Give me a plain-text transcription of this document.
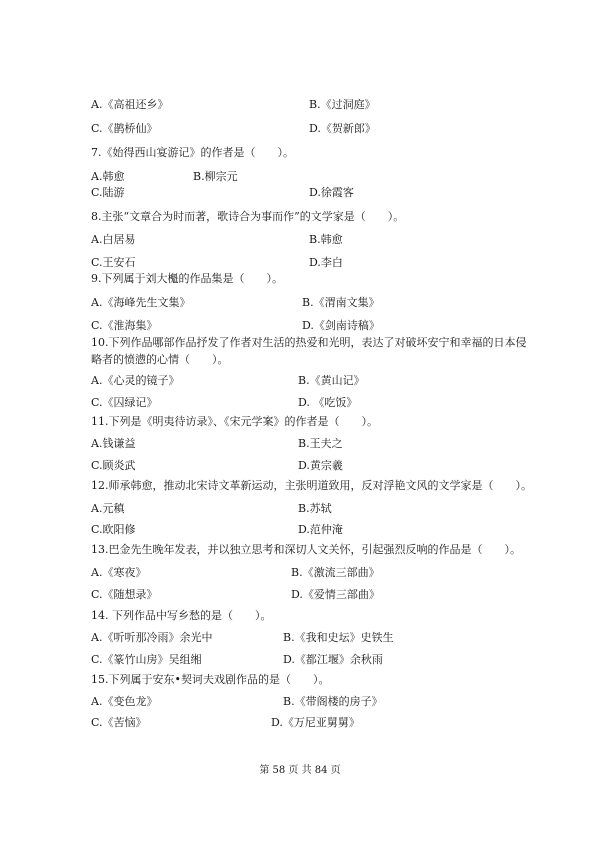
A.《高祖还乡》	B.《过洞庭》
C.《鹊桥仙》	D.《贺新郎》
7.《始得西山宴游记》的作者是（　　）。
A.韩愈	B.柳宗元
C.陆游	D.徐霞客
8.主张“文章合为时而著，歌诗合为事而作”的文学家是（　　）。
A.白居易	B.韩愈
C.王安石	D.李白
9.下列属于刘大櫆的作品集是（　　）。
A.《海峰先生文集》	B.《渭南文集》
C.《淮海集》	D.《剑南诗稿》
10.下列作品哪部作品抒发了作者对生活的热爱和光明，表达了对破坏安宁和幸福的日本侵
略者的愤懑的心情（　　）。
A.《心灵的镜子》	B.《黄山记》
C.《囚绿记》	D. 《吃饭》
11.下列是《明夷待访录》、《宋元学案》的作者是（　　）。
A.钱谦益	B.王夫之
C.顾炎武	D.黄宗羲
12.师承韩愈，推动北宋诗文革新运动，主张明道致用，反对浮艳文风的文学家是（　　）。
A.元稹	B.苏轼
C.欧阳修	D.范仲淹
13.巴金先生晚年发表，并以独立思考和深切人文关怀，引起强烈反响的作品是（　　）。
A.《寒夜》	B.《激流三部曲》
C.《随想录》	D.《爱情三部曲》
14. 下列作品中写乡愁的是（　　）。
A.《听听那冷雨》余光中	B.《我和史坛》史铁生
C.《篆竹山房》吴组缃	D.《都江堰》余秋雨
15.下列属于安东•契诃夫戏剧作品的是（　　）。
A.《变色龙》	B.《带阁楼的房子》
C.《苦恼》	D.《万尼亚舅舅》
第 58 页 共 84 页
